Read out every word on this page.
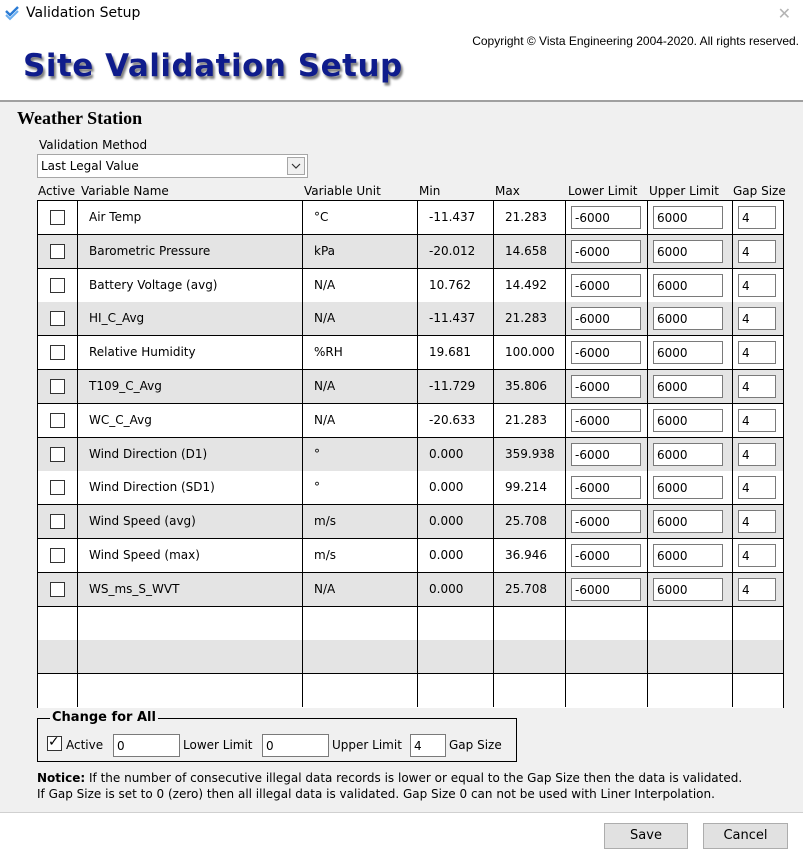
Validation Setup	✕
Copyright © Vista Engineering 2004-2020. All rights reserved.
Site Validation Setup
Weather Station
Validation Method
Last Legal Value
Active Variable Name	Variable Unit	Min	Max	Lower Limit Upper Limit Gap Size
Air Temp	°C	-11.437 21.283 -6000	6000	4
Barometric Pressure	kPa	-20.012 14.658 -6000	6000	4
Battery Voltage (avg)	N/A	10.762	14.492 -6000	6000	4
HI_C_Avg	N/A	-11.437 21.283 -6000	6000	4
Relative Humidity	%RH	19.681	100.000 -6000	6000	4
T109_C_Avg	N/A	-11.729 35.806 -6000	6000	4
WC_C_Avg	N/A	-20.633 21.283 -6000	6000	4
Wind Direction (D1)	°	0.000	359.938 -6000	6000	4
Wind Direction (SD1)	°	0.000	99.214 -6000	6000	4
Wind Speed (avg)	m/s	0.000	25.708 -6000	6000	4
Wind Speed (max)	m/s	0.000	36.946 -6000	6000	4
WS_ms_S_WVT	N/A	0.000	25.708 -6000	6000	4
Change for All
✓ Active 0	Lower Limit 0	Upper Limit 4 Gap Size
Notice: If the number of consecutive illegal data records is lower or equal to the Gap Size then the data is validated.
If Gap Size is set to 0 (zero) then all illegal data is validated. Gap Size 0 can not be used with Liner Interpolation.
Save	Cancel
